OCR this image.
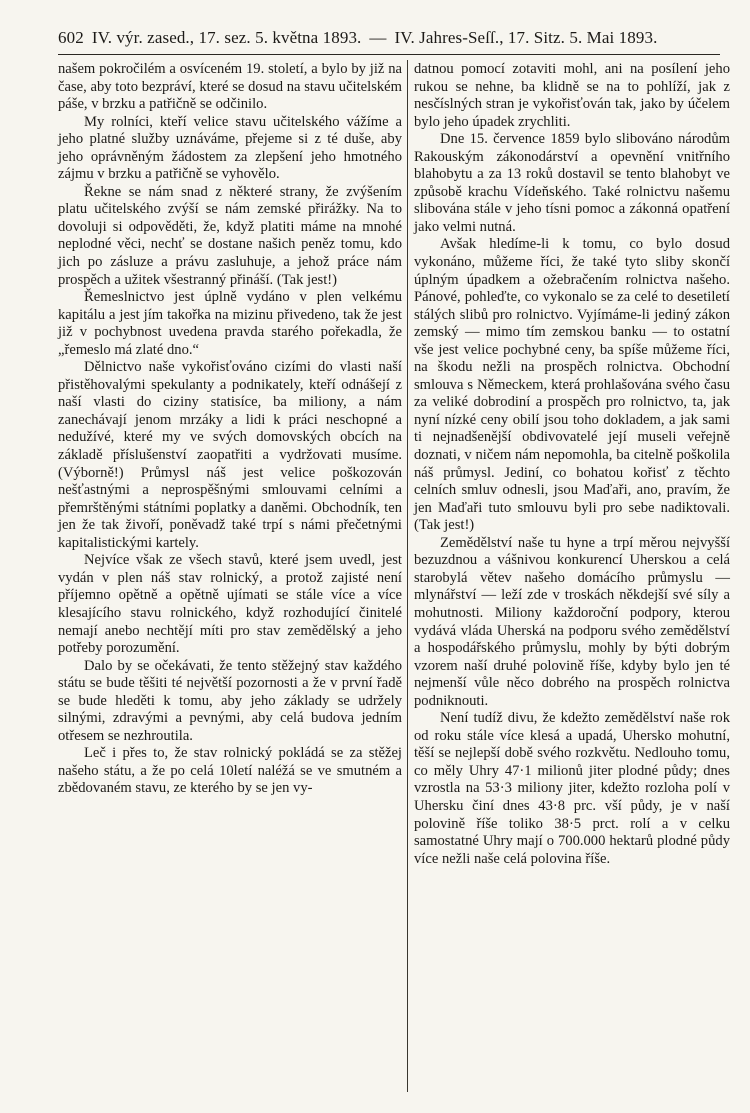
602 IV. výr. zased., 17. sez. 5. května 1893. — IV. Jahres-Seſſ., 17. Sitz. 5. Mai 1893.

našem pokročilém a osvíceném 19. století, a bylo by již na čase, aby toto bezpráví, které se dosud na stavu učitelském páše, v brzku a patřičně se odčinilo.

My rolníci, kteří velice stavu učitelského vážíme a jeho platné služby uznáváme, přejeme si z té duše, aby jeho oprávněným žádostem za zlepšení jeho hmotného zájmu v brzku a patřičně se vyhovělo.

Řekne se nám snad z některé strany, že zvýšením platu učitelského zvýší se nám zemské přirážky. Na to dovoluji si odpověděti, že, když platiti máme na mnohé neplodné věci, nechť se dostane našich peněz tomu, kdo jich po zásluze a právu zasluhuje, a jehož práce nám prospěch a užitek všestranný přináší. (Tak jest!)

Řemeslnictvo jest úplně vydáno v plen velkému kapitálu a jest jím takořka na mizinu přivedeno, tak že jest již v pochybnost uvedena pravda starého pořekadla, že „řemeslo má zlaté dno.“

Dělnictvo naše vykořisťováno cizími do vlasti naší přistěhovalými spekulanty a podnikately, kteří odnášejí z naší vlasti do ciziny statisíce, ba miliony, a nám zanechávají jenom mrzáky a lidi k práci neschopné a nedužívé, které my ve svých domovských obcích na základě příslušenství zaopatřiti a vydržovati musíme. (Výborně!) Průmysl náš jest velice poškozován nešťastnými a neprospěšnými smlouvami celními a přemrštěnými státními poplatky a daněmi. Obchodník, ten jen že tak živoří, poněvadž také trpí s námi přečetnými kapitalistickými kartely.

Nejvíce však ze všech stavů, které jsem uvedl, jest vydán v plen náš stav rolnický, a protož zajisté není příjemno opětně a opětně ujímati se stále více a více klesajícího stavu rolnického, když rozhodující činitelé nemají anebo nechtějí míti pro stav zemědělský a jeho potřeby porozumění.

Dalo by se očekávati, že tento stěžejný stav každého státu se bude těšiti té největší pozornosti a že v první řadě se bude hleděti k tomu, aby jeho základy se udržely silnými, zdravými a pevnými, aby celá budova jedním otřesem se nezhroutila.

Leč i přes to, že stav rolnický pokládá se za stěžej našeho státu, a že po celá 10letí naléžá se ve smutném a zbědovaném stavu, ze kterého by se jen vy-

datnou pomocí zotaviti mohl, ani na posílení jeho rukou se nehne, ba klidně se na to pohlíží, jak z nesčíslných stran je vykořisťován tak, jako by účelem bylo jeho úpadek zrychliti.

Dne 15. července 1859 bylo slibováno národům Rakouským zákonodárství a opevnění vnitřního blahobytu a za 13 roků dostavil se tento blahobyt ve způsobě krachu Vídeňského. Také rolnictvu našemu slibována stále v jeho tísni pomoc a zákonná opatření jako velmi nutná.

Avšak hledíme-li k tomu, co bylo dosud vykonáno, můžeme říci, že také tyto sliby skončí úplným úpadkem a ožebračením rolnictva našeho. Pánové, pohleďte, co vykonalo se za celé to desetiletí stálých slibů pro rolnictvo. Vyjímáme-li jediný zákon zemský — mimo tím zemskou banku — to ostatní vše jest velice pochybné ceny, ba spíše můžeme říci, na škodu nežli na prospěch rolnictva. Obchodní smlouva s Německem, která prohlašována svého času za veliké dobrodiní a prospěch pro rolnictvo, ta, jak nyní nízké ceny obilí jsou toho dokladem, a jak sami ti nejnadšenější obdivovatelé její museli veřejně doznati, v ničem nám nepomohla, ba citelně poškolila náš průmysl. Jediní, co bohatou kořisť z těchto celních smluv odnesli, jsou Maďaři, ano, pravím, že jen Maďaři tuto smlouvu byli pro sebe nadiktovali. (Tak jest!)

Zemědělství naše tu hyne a trpí měrou nejvyšší bezuzdnou a vášnivou konkurencí Uherskou a celá starobylá větev našeho domácího průmyslu — mlynářství — leží zde v troskách někdejší své síly a mohutnosti. Miliony každoroční podpory, kterou vydává vláda Uherská na podporu svého zemědělství a hospodářského průmyslu, mohly by býti dobrým vzorem naší druhé polovině říše, kdyby bylo jen té nejmenší vůle něco dobrého na prospěch rolnictva podniknouti.

Není tudíž divu, že kdežto zemědělství naše rok od roku stále více klesá a upadá, Uhersko mohutní, těší se nejlepší době svého rozkvětu. Nedlouho tomu, co měly Uhry 47·1 milionů jiter plodné půdy; dnes vzrostla na 53·3 miliony jiter, kdežto rozloha polí v Uhersku činí dnes 43·8 prc. vší půdy, je v naší polovině říše toliko 38·5 prct. rolí a v celku samostatné Uhry mají o 700.000 hektarů plodné půdy více nežli naše celá polovina říše.
